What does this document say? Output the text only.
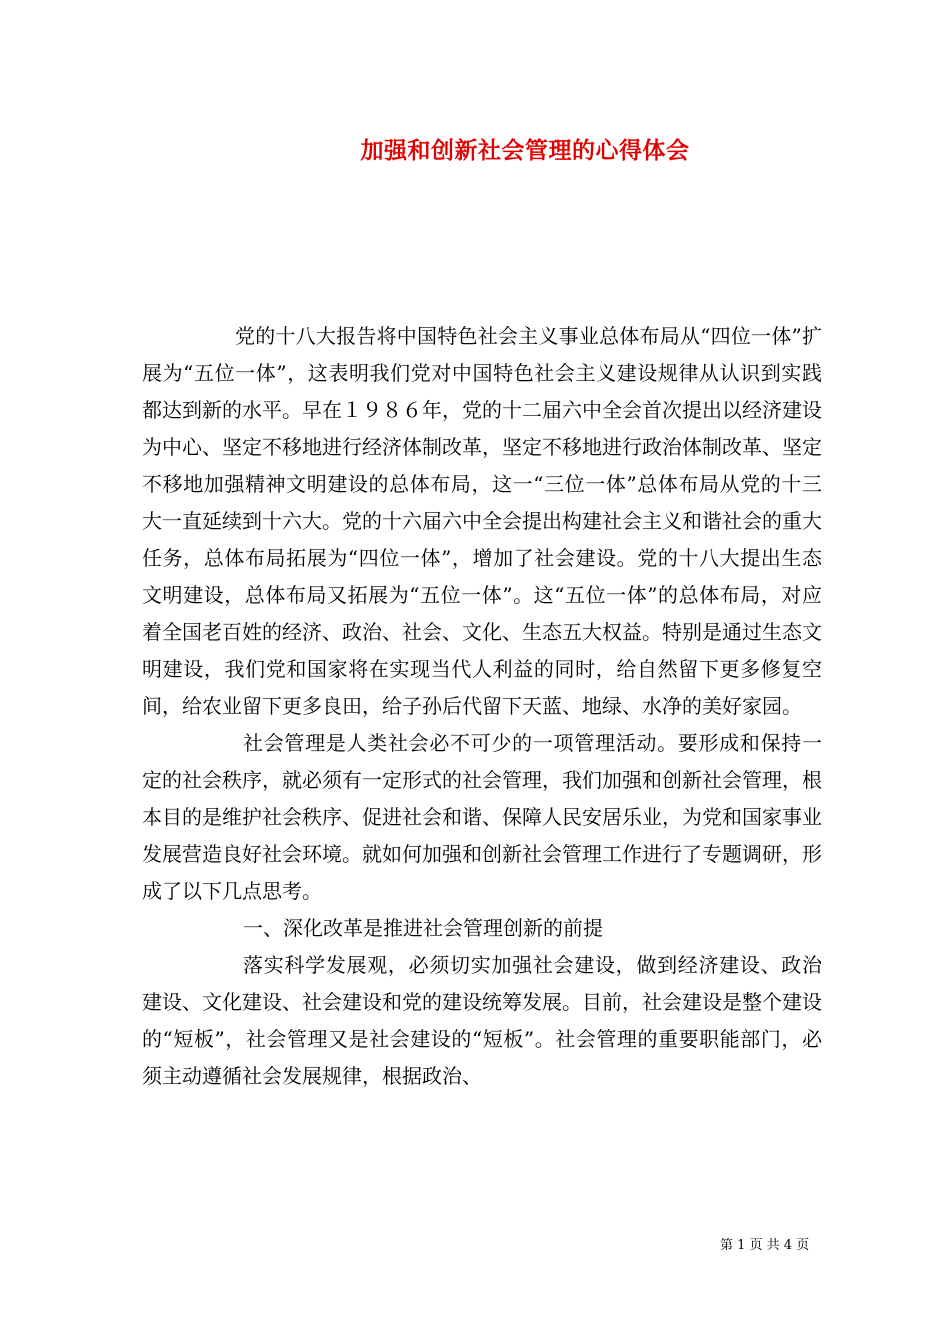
加强和创新社会管理的心得体会

党的十八大报告将中国特色社会主义事业总体布局从“四位一体”扩展为“五位一体”，这表明我们党对中国特色社会主义建设规律从认识到实践都达到新的水平。早在１９８６年，党的十二届六中全会首次提出以经济建设为中心、坚定不移地进行经济体制改革，坚定不移地进行政治体制改革、坚定不移地加强精神文明建设的总体布局，这一“三位一体”总体布局从党的十三大一直延续到十六大。党的十六届六中全会提出构建社会主义和谐社会的重大任务，总体布局拓展为“四位一体”，增加了社会建设。党的十八大提出生态文明建设，总体布局又拓展为“五位一体”。这“五位一体”的总体布局，对应着全国老百姓的经济、政治、社会、文化、生态五大权益。特别是通过生态文明建设，我们党和国家将在实现当代人利益的同时，给自然留下更多修复空间，给农业留下更多良田，给子孙后代留下天蓝、地绿、水净的美好家园。

社会管理是人类社会必不可少的一项管理活动。要形成和保持一定的社会秩序，就必须有一定形式的社会管理，我们加强和创新社会管理，根本目的是维护社会秩序、促进社会和谐、保障人民安居乐业，为党和国家事业发展营造良好社会环境。就如何加强和创新社会管理工作进行了专题调研，形成了以下几点思考。

一、深化改革是推进社会管理创新的前提

落实科学发展观，必须切实加强社会建设，做到经济建设、政治建设、文化建设、社会建设和党的建设统筹发展。目前，社会建设是整个建设的“短板”，社会管理又是社会建设的“短板”。社会管理的重要职能部门，必须主动遵循社会发展规律，根据政治、

第 1 页 共 4 页
